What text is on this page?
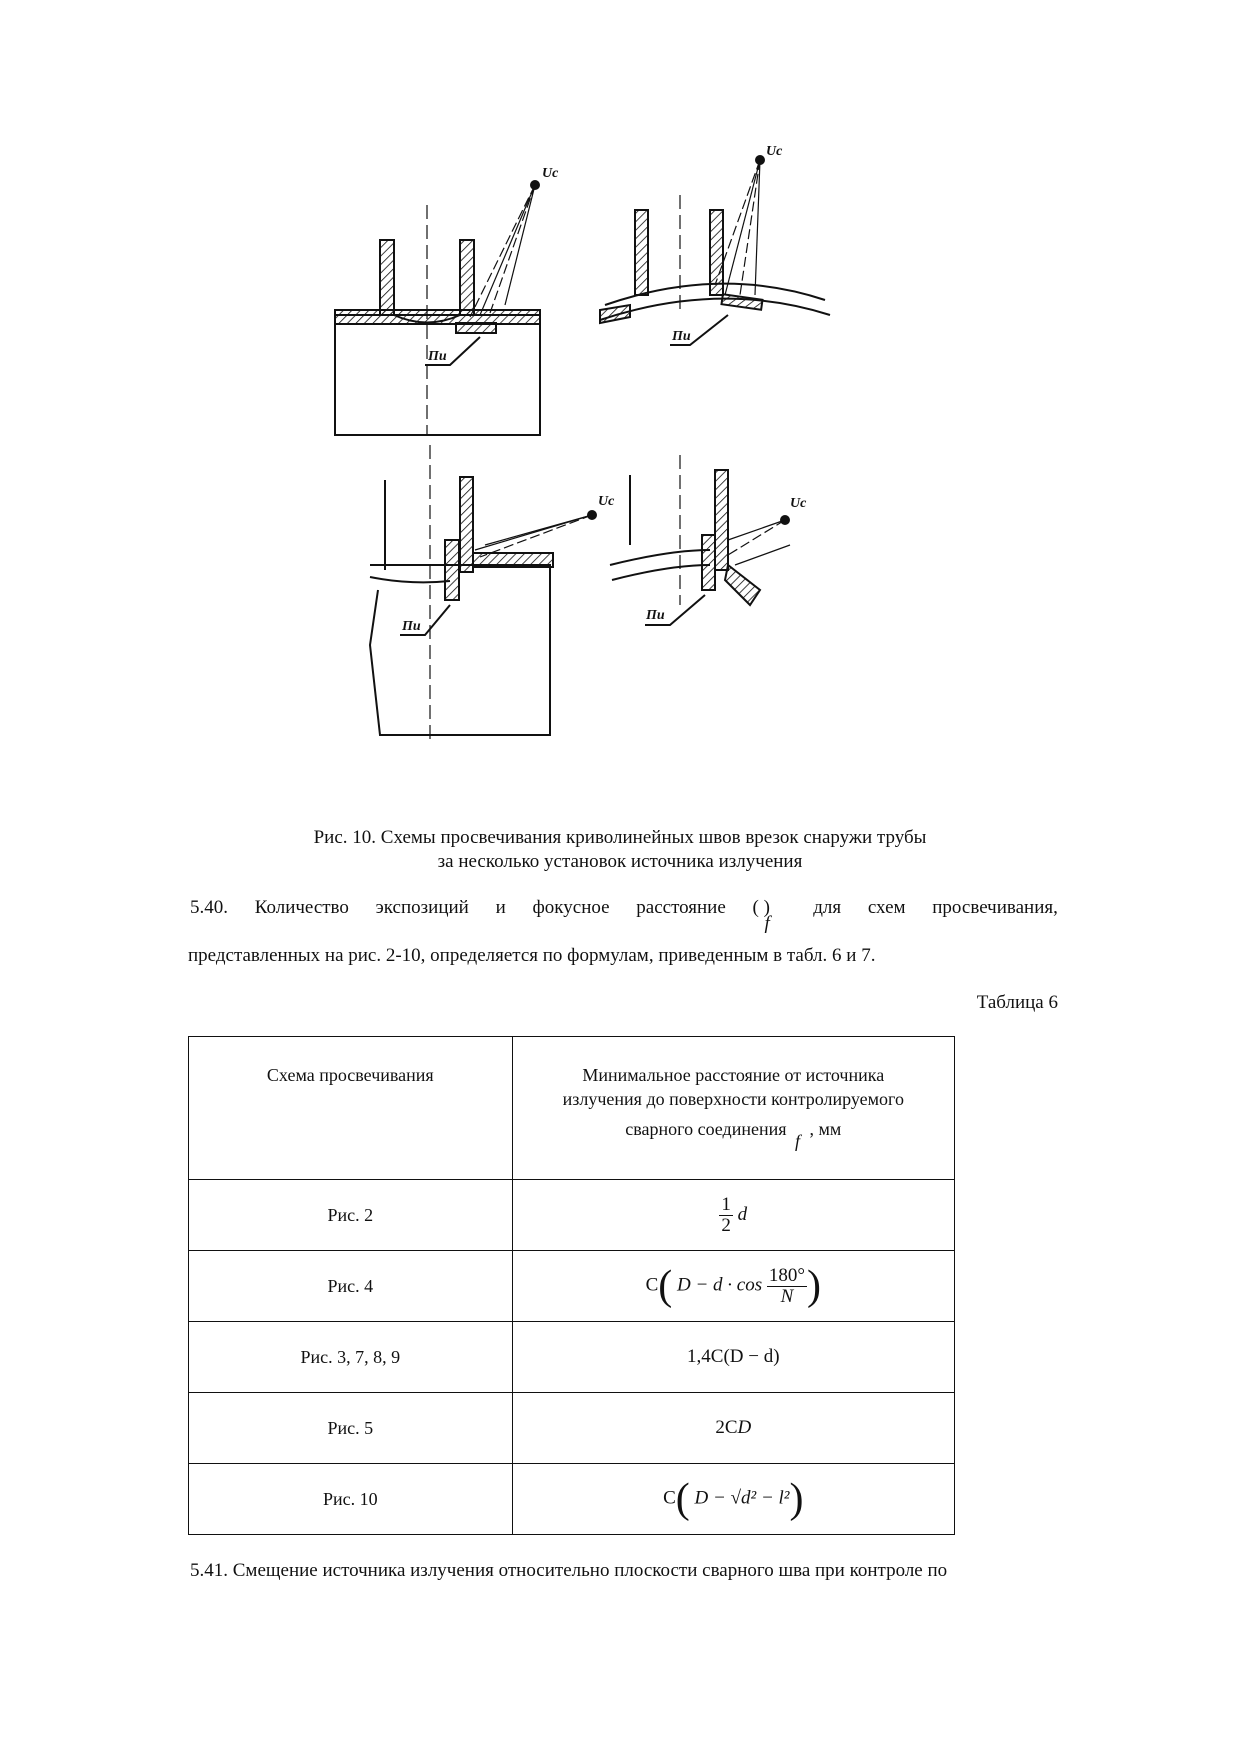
Uc
Uc
Uc	Uc
Пи
Пи
Пи
Пи
Рис. 10. Схемы просвечивания криволинейных швов врезок снаружи трубы
за несколько установок источника излучения
5.40. Количество экспозиций и фокусное расстояние ( )
f
для схем просвечивания,
представленных на рис. 2-10, определяется по формулам, приведенным в табл. 6 и 7.
Таблица 6
Схема просвечивания	Минимальное расстояние от источника
излучения до поверхности контролируемого
сварного соединения
f
, мм

Рис. 2	$\frac{1}{2}$ d
Рис. 4	C( $D - d \cdot \cos \frac{180^\circ}{N}$ )
Рис. 3, 7, 8, 9	1,4C(D − d)
Рис. 5	2CD
Рис. 10	C( D − √d² − l²)
5.41. Смещение источника излучения относительно плоскости сварного шва при контроле по
